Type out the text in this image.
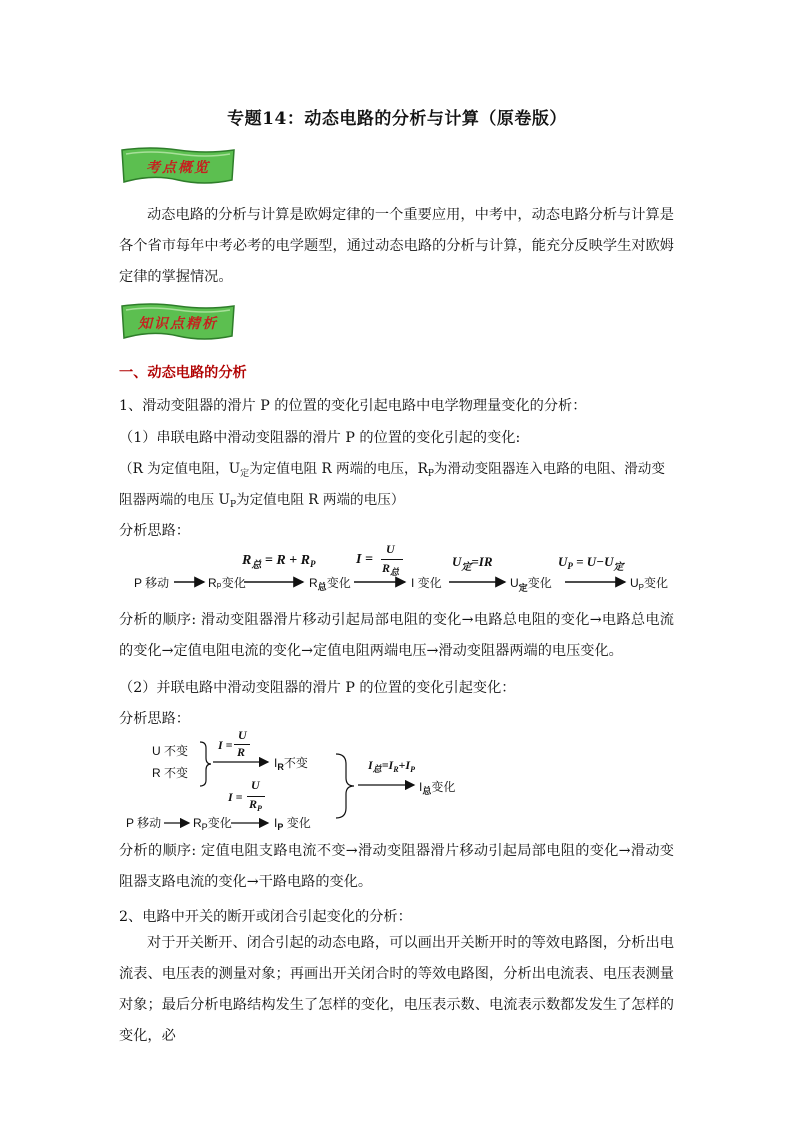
专题14：动态电路的分析与计算（原卷版）
考点概览
动态电路的分析与计算是欧姆定律的一个重要应用，中考中，动态电路分析与计算是各个省市每年中考必考的电学题型，通过动态电路的分析与计算，能充分反映学生对欧姆定律的掌握情况。
知识点精析
一、动态电路的分析
1、滑动变阻器的滑片 P 的位置的变化引起电路中电学物理量变化的分析：
（1）串联电路中滑动变阻器的滑片 P 的位置的变化引起的变化:
（R 为定值电阻，$U_定$为定值电阻 R 两端的电压，$R_P$为滑动变阻器连入电路的电阻、滑动变
阻器两端的电压 $U_P$为定值电阻 R 两端的电压）
分析思路：
P 移动	Rₚ变化	$R_总$变化	I 变化	$U_定$变化	$U_P$变化
$R_总 = R + R_P$	I =
U
$R_总$
$U_定=IR$	$U_P = U-U_定$
分析的顺序: 滑动变阻器滑片移动引起局部电阻的变化→电路总电阻的变化→电路总电流的变化→定值电阻电流的变化→定值电阻两端电压→滑动变阻器两端的电压变化。
（2）并联电路中滑动变阻器的滑片 P 的位置的变化引起变化：
分析思路：
U 不变
R 不变
I =
U
R
$I_R$不变
I =
U
$R_P$
P 移动	$R_P$变化	$I_P$ 变化
$I_总=I_R+I_P$
$I_总$变化
分析的顺序: 定值电阻支路电流不变→滑动变阻器滑片移动引起局部电阻的变化→滑动变阻器支路电流的变化→干路电路的变化。
2、电路中开关的断开或闭合引起变化的分析：
对于开关断开、闭合引起的动态电路，可以画出开关断开时的等效电路图，分析出电流表、电压表的测量对象；再画出开关闭合时的等效电路图，分析出电流表、电压表测量对象；最后分析电路结构发生了怎样的变化，电压表示数、电流表示数都发发生了怎样的变化，必
